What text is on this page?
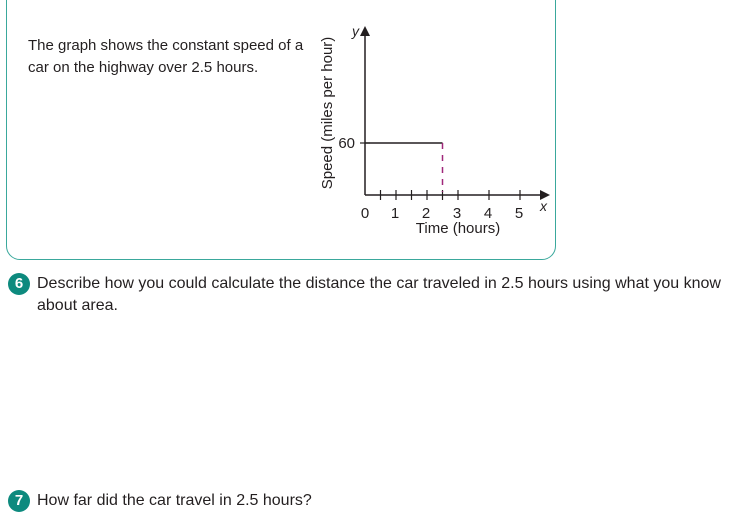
The graph shows the constant speed of a car on the highway over 2.5 hours.	Speed (miles per hour)
Time (hours)
y
x
0 1 2 3 4 5
60
6 Describe how you could calculate the distance the car traveled in 2.5 hours using what you know about area.
7 How far did the car travel in 2.5 hours?
